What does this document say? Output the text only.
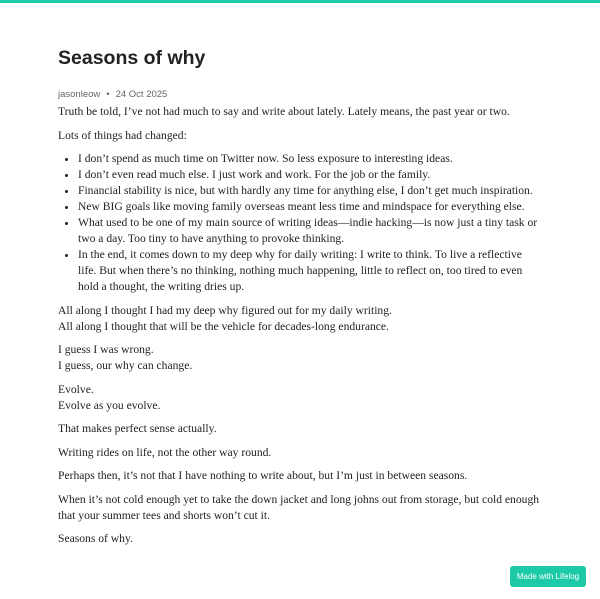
Seasons of why
jasonleow • 24 Oct 2025

Truth be told, I’ve not had much to say and write about lately. Lately means, the past year or two.

Lots of things had changed:

• I don’t spend as much time on Twitter now. So less exposure to interesting ideas.
• I don’t even read much else. I just work and work. For the job or the family.
• Financial stability is nice, but with hardly any time for anything else, I don’t get much inspiration.
• New BIG goals like moving family overseas meant less time and mindspace for everything else.
• What used to be one of my main source of writing ideas—indie hacking—is now just a tiny task or two a day. Too tiny to have anything to provoke thinking.
• In the end, it comes down to my deep why for daily writing: I write to think. To live a reflective life. But when there’s no thinking, nothing much happening, little to reflect on, too tired to even hold a thought, the writing dries up.

All along I thought I had my deep why figured out for my daily writing.
All along I thought that will be the vehicle for decades-long endurance.

I guess I was wrong.
I guess, our why can change.

Evolve.
Evolve as you evolve.

That makes perfect sense actually.

Writing rides on life, not the other way round.

Perhaps then, it’s not that I have nothing to write about, but I’m just in between seasons.

When it’s not cold enough yet to take the down jacket and long johns out from storage, but cold enough that your summer tees and shorts won’t cut it.

Seasons of why.

Made with Lifelog
